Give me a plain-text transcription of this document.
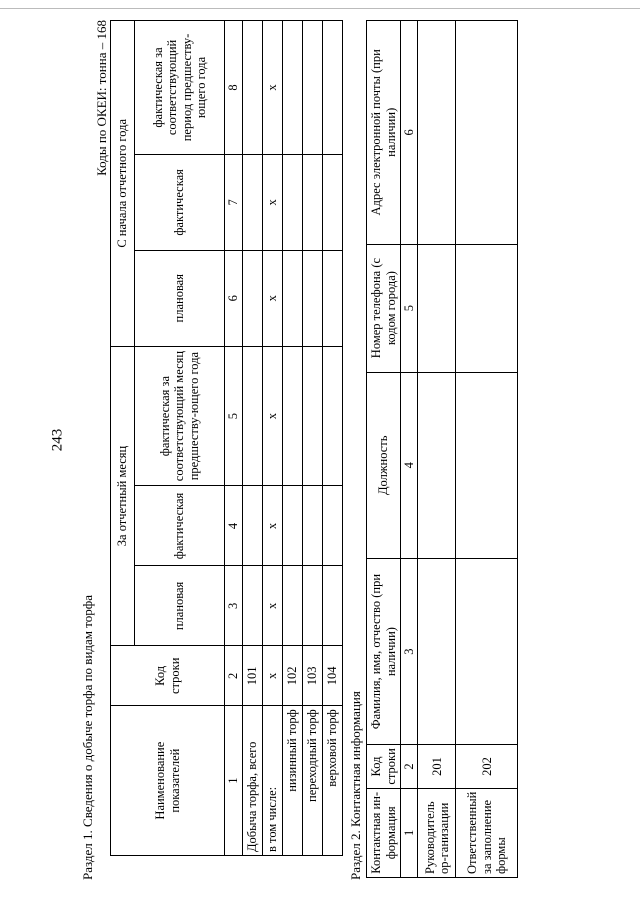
243
Раздел 1. Сведения о добыче торфа по видам торфа
Коды по ОКЕИ: тонна – 168
Наименование показателей	Код строки	За отчетный месяц			С начала отчетного года		
		плановая	фактическая	фактическая за соответствующий месяц предшеству-ющего года	плановая	фактическая	фактическая за соответствующий период предшеству-ющего года
1	2	3	4	5	6	7	8
Добыча торфа, всего	101						
в том числе:	x	x	x	x	x	x	x
низинный торф	102						
переходный торф	103						
верховой торф	104						
Раздел 2. Контактная информация Контактная ин-формация	Код строки	Фамилия, имя, отчество (при наличии)	Должность	Номер телефона (с кодом города)	Адрес электронной почты (при наличии)
1	2	3	4	5	6
Руководитель ор-ганизации	201				
Ответственный за заполнение формы	202				
